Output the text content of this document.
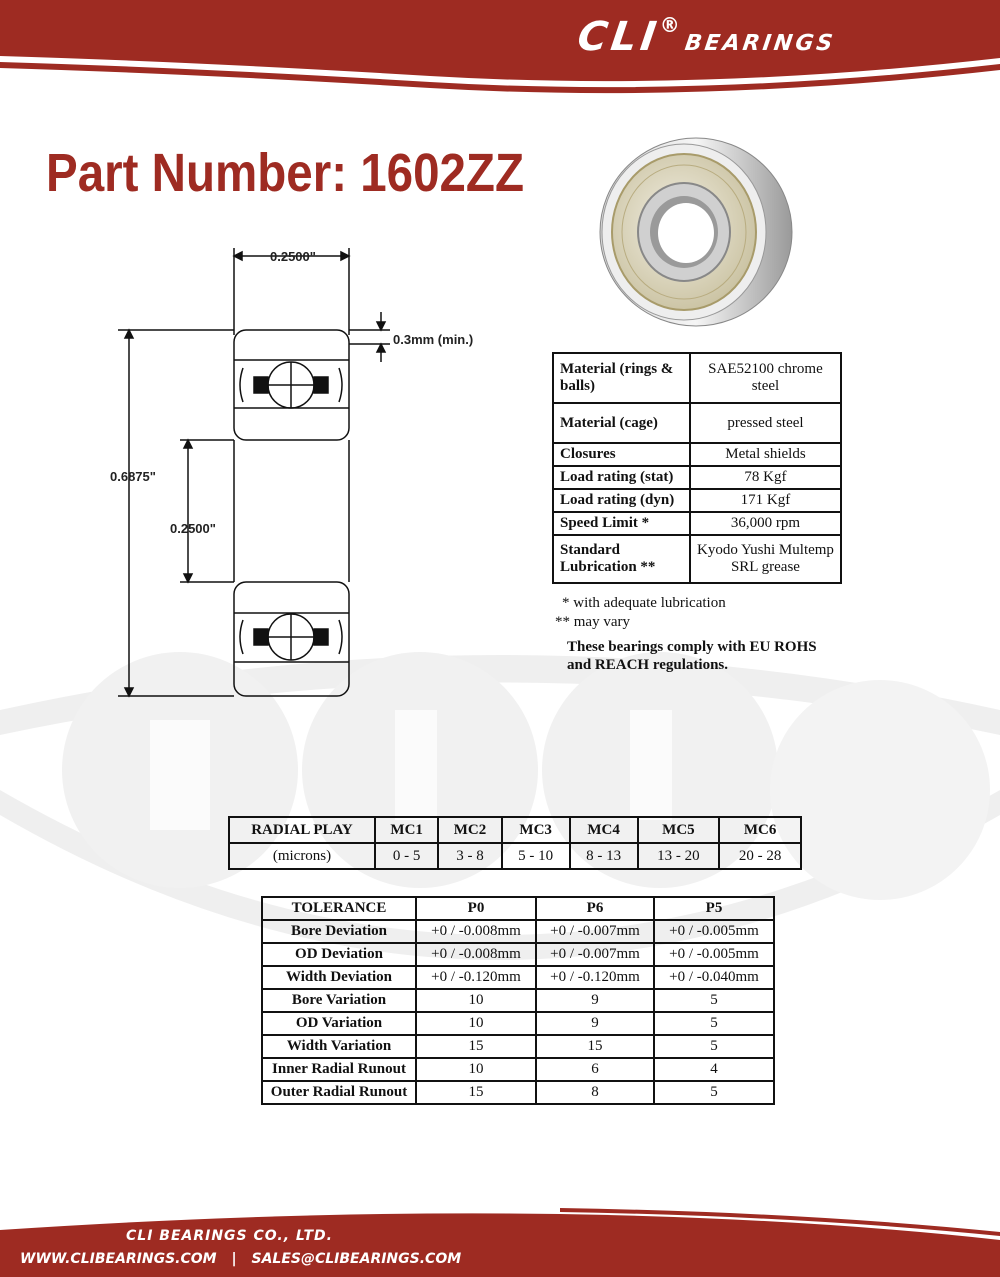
CLI® BEARINGS
Part Number: 1602ZZ
0.2500"
0.3mm (min.)
0.6875"
0.2500"
Material (rings & balls)	SAE52100 chrome steel
Material (cage)	pressed steel
Closures	Metal shields
Load rating (stat)	78 Kgf
Load rating (dyn)	171 Kgf
Speed Limit *	36,000 rpm
Standard Lubrication **	Kyodo Yushi Multemp SRL grease
* with adequate lubrication
** may vary
These bearings comply with EU ROHS
and REACH regulations.
RADIAL PLAY	MC1	MC2	MC3	MC4	MC5	MC6
(microns)	0 - 5	3 - 8	5 - 10	8 - 13	13 - 20	20 - 28
TOLERANCE	P0	P6	P5
Bore Deviation	+0 / -0.008mm	+0 / -0.007mm	+0 / -0.005mm
OD Deviation	+0 / -0.008mm	+0 / -0.007mm	+0 / -0.005mm
Width Deviation	+0 / -0.120mm	+0 / -0.120mm	+0 / -0.040mm
Bore Variation	10	9	5
OD Variation	10	9	5
Width Variation	15	15	5
Inner Radial Runout	10	6	4
Outer Radial Runout	15	8	5
CLI BEARINGS CO., LTD.
WWW.CLIBEARINGS.COM | SALES@CLIBEARINGS.COM
